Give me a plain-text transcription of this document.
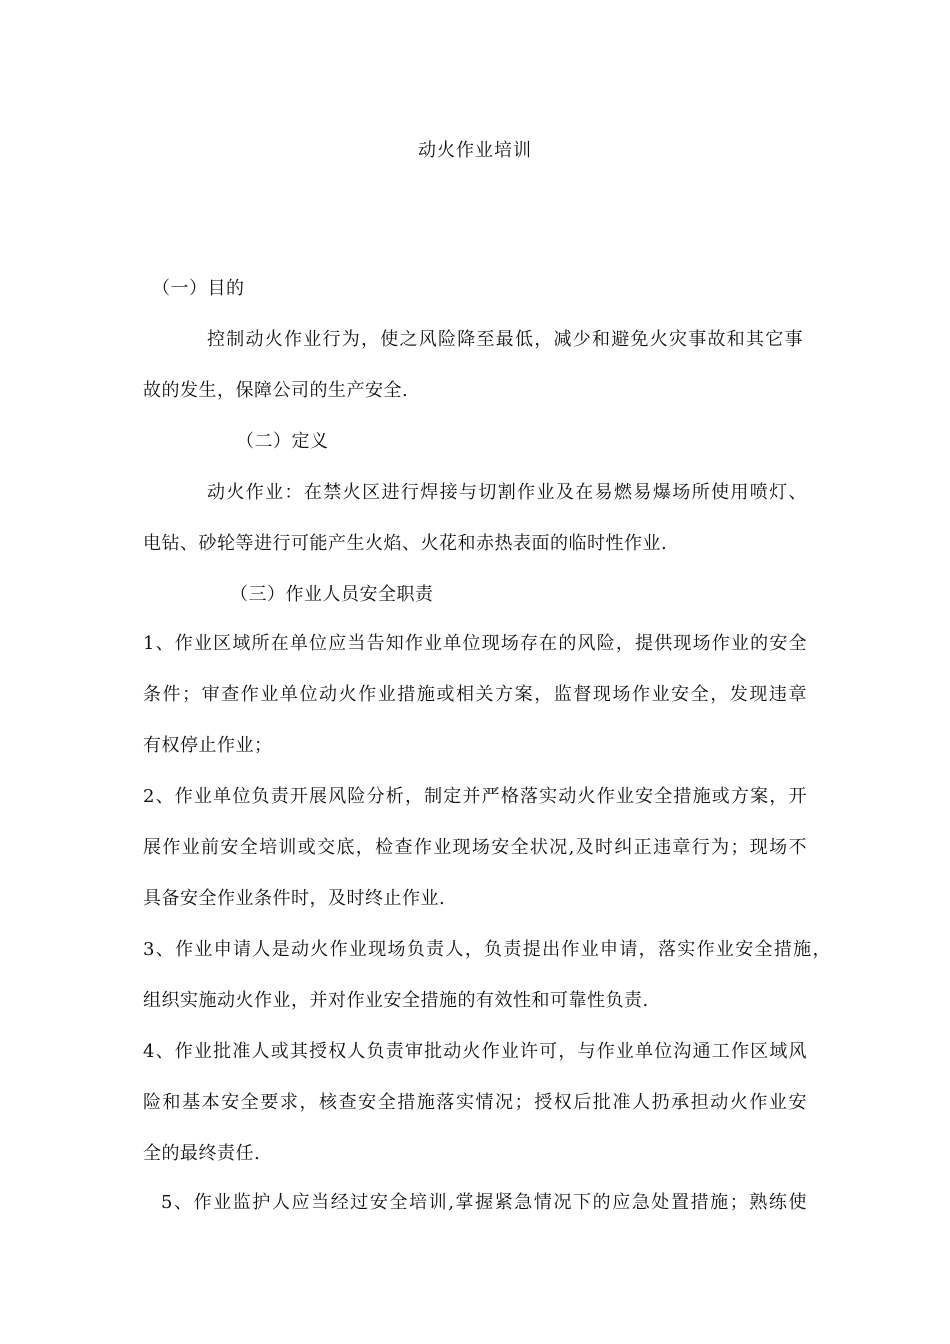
动火作业培训
（一）目的
控制动火作业行为，使之风险降至最低，减少和避免火灾事故和其它事
故的发生，保障公司的生产安全.
（二）定义
动火作业：在禁火区进行焊接与切割作业及在易燃易爆场所使用喷灯、
电钻、砂轮等进行可能产生火焰、火花和赤热表面的临时性作业.
（三）作业人员安全职责
1、作业区域所在单位应当告知作业单位现场存在的风险，提供现场作业的安全
条件；审查作业单位动火作业措施或相关方案，监督现场作业安全，发现违章
有权停止作业；
2、作业单位负责开展风险分析，制定并严格落实动火作业安全措施或方案，开
展作业前安全培训或交底，检查作业现场安全状况,及时纠正违章行为；现场不
具备安全作业条件时，及时终止作业.
3、作业申请人是动火作业现场负责人，负责提出作业申请，落实作业安全措施，
组织实施动火作业，并对作业安全措施的有效性和可靠性负责.
4、作业批准人或其授权人负责审批动火作业许可，与作业单位沟通工作区域风
险和基本安全要求，核查安全措施落实情况；授权后批准人扔承担动火作业安
全的最终责任.
5、作业监护人应当经过安全培训,掌握紧急情况下的应急处置措施；熟练使
